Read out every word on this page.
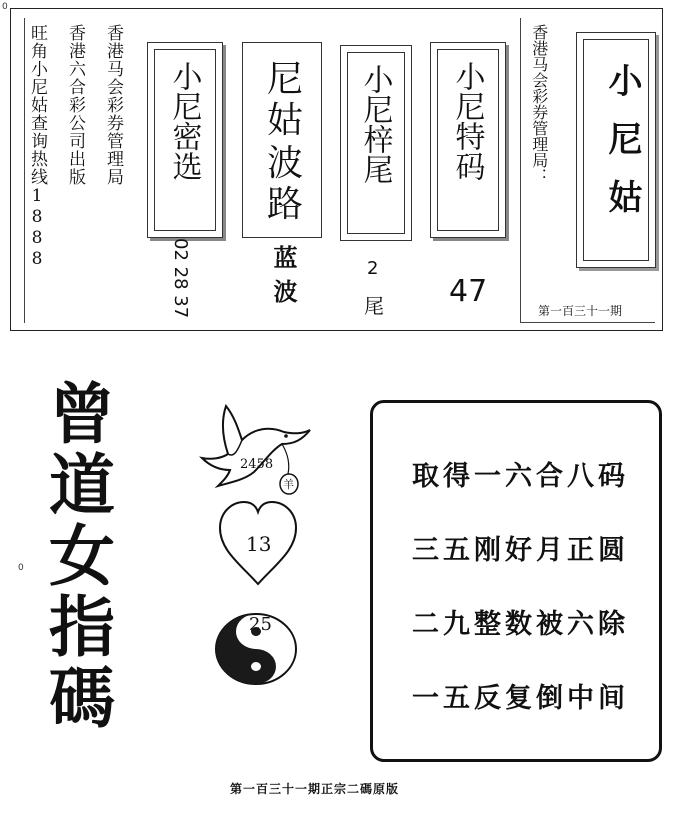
0
0
旺角小尼姑查询热线1888 香港六合彩公司出版 香港马会彩券管理局 小尼密选
02 28 37
尼姑
波路
蓝波
小尼梓尾
2
尾
小尼特码
47
香港马会彩券管理局： 小尼姑
第一百三十一期
曾
道
女
指
碼
2458
羊
13
25
取得一六合八码
三五刚好月正圆
二九整数被六除
一五反复倒中间
第一百三十一期正宗二碼原版
